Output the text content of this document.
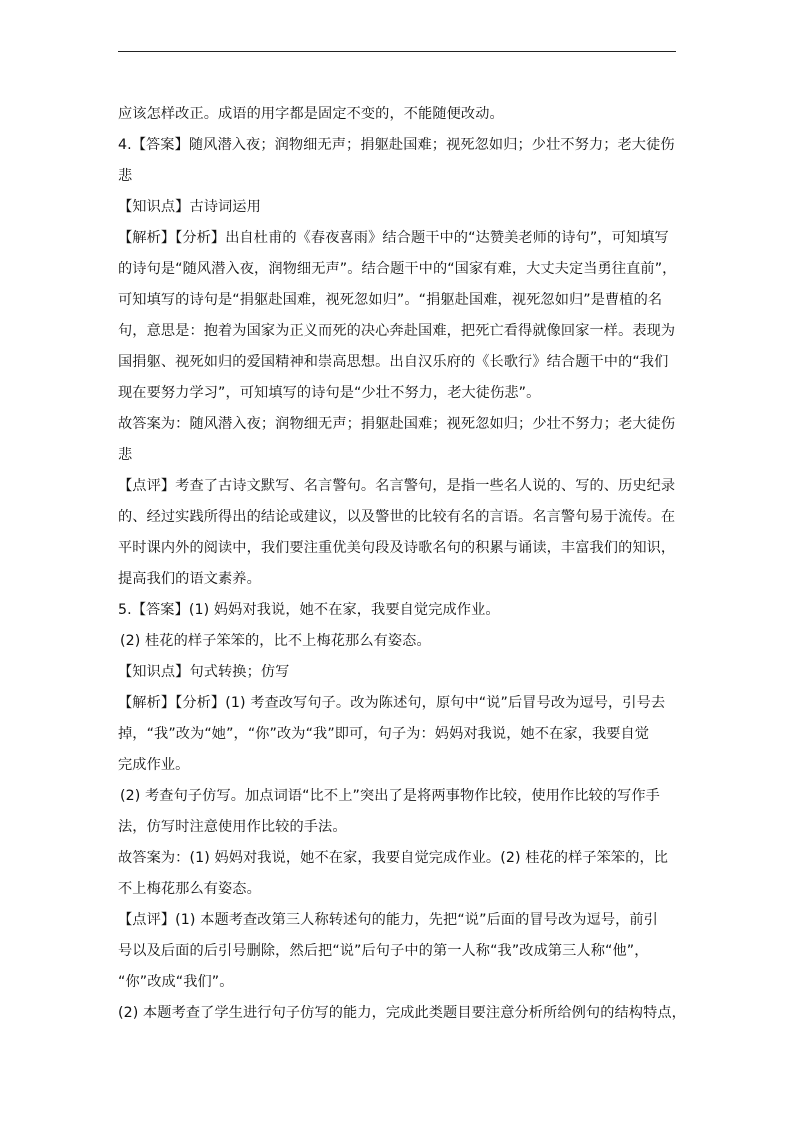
应该怎样改正。成语的用字都是固定不变的，不能随便改动。
4.【答案】随风潜入夜；润物细无声；捐躯赴国难；视死忽如归；少壮不努力；老大徒伤
悲
【知识点】古诗词运用
【解析】【分析】出自杜甫的《春夜喜雨》结合题干中的“达赞美老师的诗句”，可知填写
的诗句是“随风潜入夜，润物细无声”。结合题干中的“国家有难，大丈夫定当勇往直前”，
可知填写的诗句是“捐躯赴国难，视死忽如归”。“捐躯赴国难，视死忽如归”是曹植的名
句，意思是：抱着为国家为正义而死的决心奔赴国难，把死亡看得就像回家一样。表现为
国捐躯、视死如归的爱国精神和崇高思想。出自汉乐府的《长歌行》结合题干中的“我们
现在要努力学习”，可知填写的诗句是“少壮不努力，老大徒伤悲”。
故答案为：随风潜入夜；润物细无声；捐躯赴国难；视死忽如归；少壮不努力；老大徒伤
悲
【点评】考查了古诗文默写、名言警句。名言警句，是指一些名人说的、写的、历史纪录
的、经过实践所得出的结论或建议，以及警世的比较有名的言语。名言警句易于流传。在
平时课内外的阅读中，我们要注重优美句段及诗歌名句的积累与诵读，丰富我们的知识，
提高我们的语文素养。
5.【答案】(1) 妈妈对我说，她不在家，我要自觉完成作业。
(2) 桂花的样子笨笨的，比不上梅花那么有姿态。
【知识点】句式转换；仿写
【解析】【分析】(1) 考查改写句子。改为陈述句，原句中“说”后冒号改为逗号，引号去
掉，“我”改为“她”，“你”改为“我”即可，句子为：妈妈对我说，她不在家，我要自觉
完成作业。
(2) 考查句子仿写。加点词语“比不上”突出了是将两事物作比较，使用作比较的写作手
法，仿写时注意使用作比较的手法。
故答案为：(1) 妈妈对我说，她不在家，我要自觉完成作业。(2) 桂花的样子笨笨的，比
不上梅花那么有姿态。
【点评】(1) 本题考查改第三人称转述句的能力，先把“说”后面的冒号改为逗号，前引
号以及后面的后引号删除，然后把“说”后句子中的第一人称“我”改成第三人称“他”，
“你”改成“我们”。
(2) 本题考查了学生进行句子仿写的能力，完成此类题目要注意分析所给例句的结构特点，
